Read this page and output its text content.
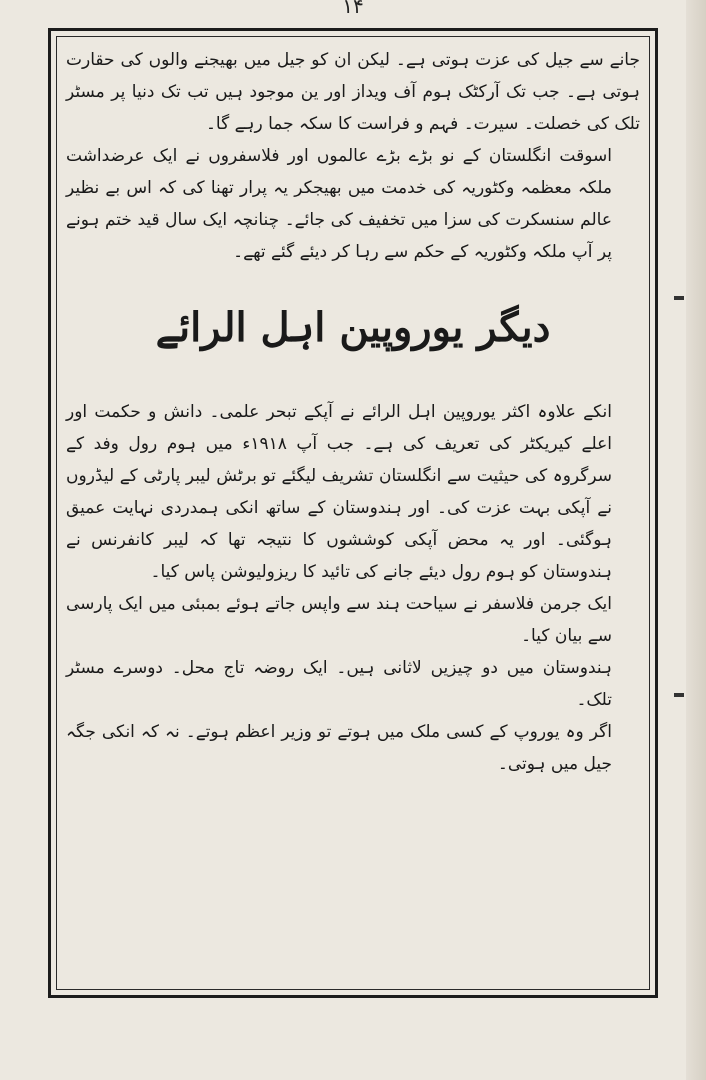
۱۴

جانے سے جیل کی عزت ہوتی ہے۔ لیکن ان کو جیل میں بھیجنے والوں کی حقارت ہوتی ہے۔ جب تک آرکٹک ہوم آف ویداز اور ین موجود ہیں تب تک دنیا پر مسٹر تلک کی خصلت۔ سیرت۔ فہم و فراست کا سکہ جما رہے گا۔

اسوقت انگلستان کے نو بڑے بڑے عالموں اور فلاسفروں نے ایک عرضداشت ملکہ معظمہ وکٹوریہ کی خدمت میں بھیجکر یہ پرار تھنا کی کہ اس بے نظیر عالم سنسکرت کی سزا میں تخفیف کی جائے۔ چنانچہ ایک سال قید ختم ہونے پر آپ ملکہ وکٹوریہ کے حکم سے رہا کر دیئے گئے تھے۔

دیگر یوروپین اہل الرائے

انکے علاوہ اکثر یوروپین اہل الرائے نے آپکے تبحر علمی۔ دانش و حکمت اور اعلے کیریکٹر کی تعریف کی ہے۔ جب آپ ۱۹۱۸ء میں ہوم رول وفد کے سرگروہ کی حیثیت سے انگلستان تشریف لیگئے تو برٹش لیبر پارٹی کے لیڈروں نے آپکی بہت عزت کی۔ اور ہندوستان کے ساتھ انکی ہمدردی نہایت عمیق ہوگئی۔ اور یہ محض آپکی کوششوں کا نتیجہ تھا کہ لیبر کانفرنس نے ہندوستان کو ہوم رول دیئے جانے کی تائید کا ریزولیوشن پاس کیا۔

ایک جرمن فلاسفر نے سیاحت ہند سے واپس جاتے ہوئے بمبئی میں ایک پارسی سے بیان کیا۔

ہندوستان میں دو چیزیں لاثانی ہیں۔ ایک روضہ تاج محل۔ دوسرے مسٹر تلک۔

اگر وہ یوروپ کے کسی ملک میں ہوتے تو وزیر اعظم ہوتے۔ نہ کہ انکی جگہ جیل میں ہوتی۔
